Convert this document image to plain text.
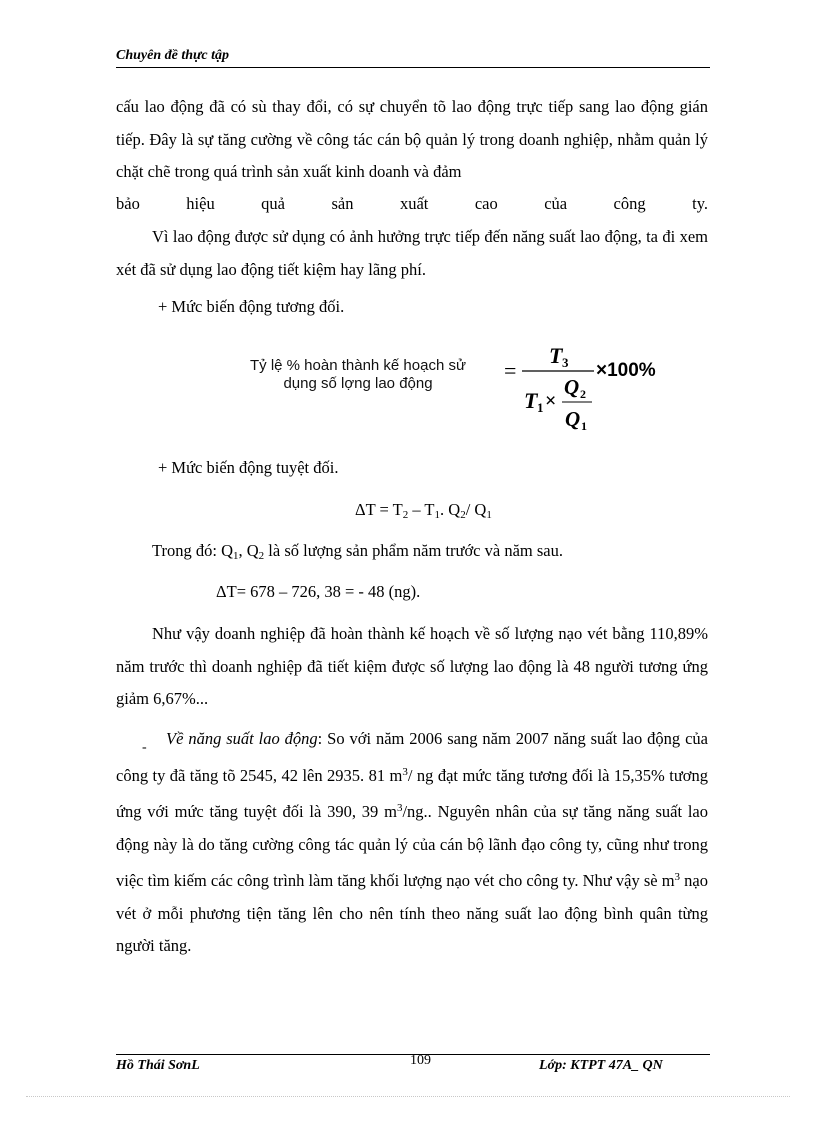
Chuyên đề thực tập
cấu lao động đã có sù thay đổi, có sự chuyển tõ lao động trực tiếp sang lao động gián tiếp. Đây là sự tăng cường về công tác cán bộ quản lý trong doanh nghiệp, nhằm quản lý chặt chẽ trong quá trình sản xuất kinh doanh và đảm
bảo hiệu quả sản xuất cao của công ty.
Vì lao động được sử dụng có ảnh hưởng trực tiếp đến năng suất lao động, ta đi xem xét đã sử dụng lao động tiết kiệm hay lãng phí.
+ Mức biến động tương đối.
Tỷ lệ % hoàn thành kế hoạch sử dụng số lợng lao động
=
T 3
T 1 ×
Q 2
Q 1
×100%
+ Mức biến động tuyệt đối.
$\Delta T = T_2 - T_1$. $Q_2/$ $Q_1$
Trong đó: $Q_1$, $Q_2$ là số lượng sản phẩm năm trước và năm sau.
ΔT= 678 – 726, 38 = - 48 (ng).
Như vậy doanh nghiệp đã hoàn thành kế hoạch về số lượng nạo vét bằng 110,89% năm trước thì doanh nghiệp đã tiết kiệm được số lượng lao động là 48 người tương ứng giảm 6,67%...
-	Về năng suất lao động: So với năm 2006 sang năm 2007 năng suất lao động của công ty đã tăng tõ 2545, 42 lên 2935. 81 $m^3/$ ng đạt mức tăng tương đối là 15,35% tương ứng với mức tăng tuyệt đối là 390, 39 $m^3/ng$.. Nguyên nhân của sự tăng năng suất lao động này là do tăng cường công tác quản lý của cán bộ lãnh đạo công ty, cũng như trong việc tìm kiếm các công trình làm tăng khối lượng nạo vét cho công ty. Như vậy sè $m^3$ nạo vét ở mỗi phương tiện tăng lên cho nên tính theo năng suất lao động bình quân từng người tăng.
Hồ Thái SơnL	109	Lớp: KTPT 47A_ QN
